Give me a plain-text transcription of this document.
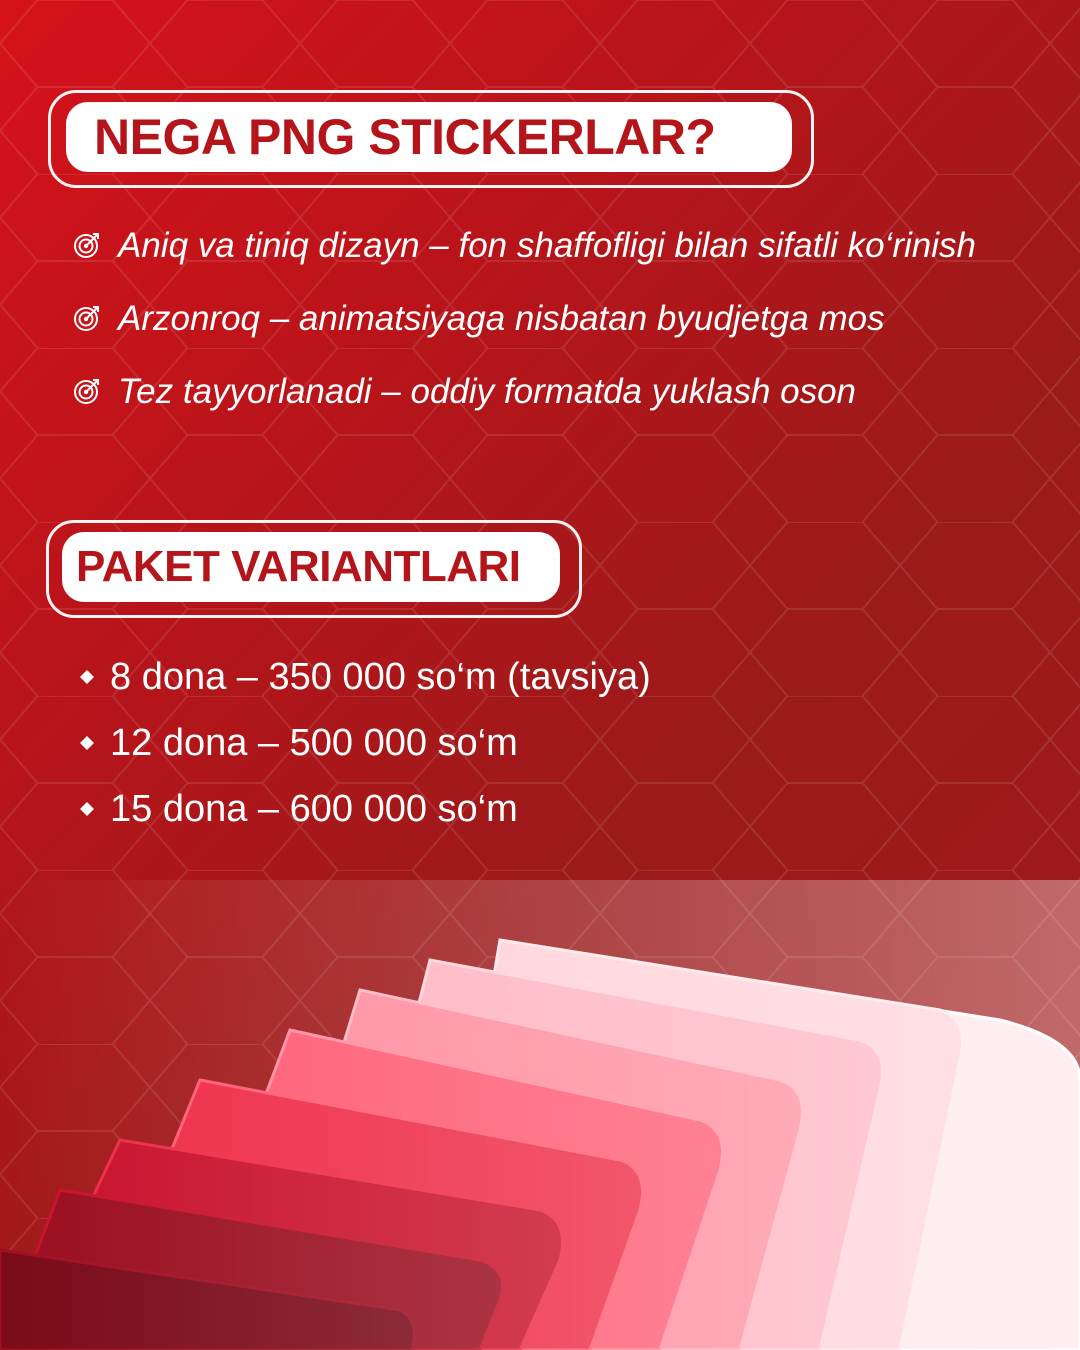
NEGA PNG STICKERLAR?
Aniq va tiniq dizayn – fon shaffofligi bilan sifatli ko‘rinish
Arzonroq – animatsiyaga nisbatan byudjetga mos
Tez tayyorlanadi – oddiy formatda yuklash oson
PAKET VARIANTLARI
8 dona – 350 000 so‘m (tavsiya)
12 dona – 500 000 so‘m
15 dona – 600 000 so‘m
